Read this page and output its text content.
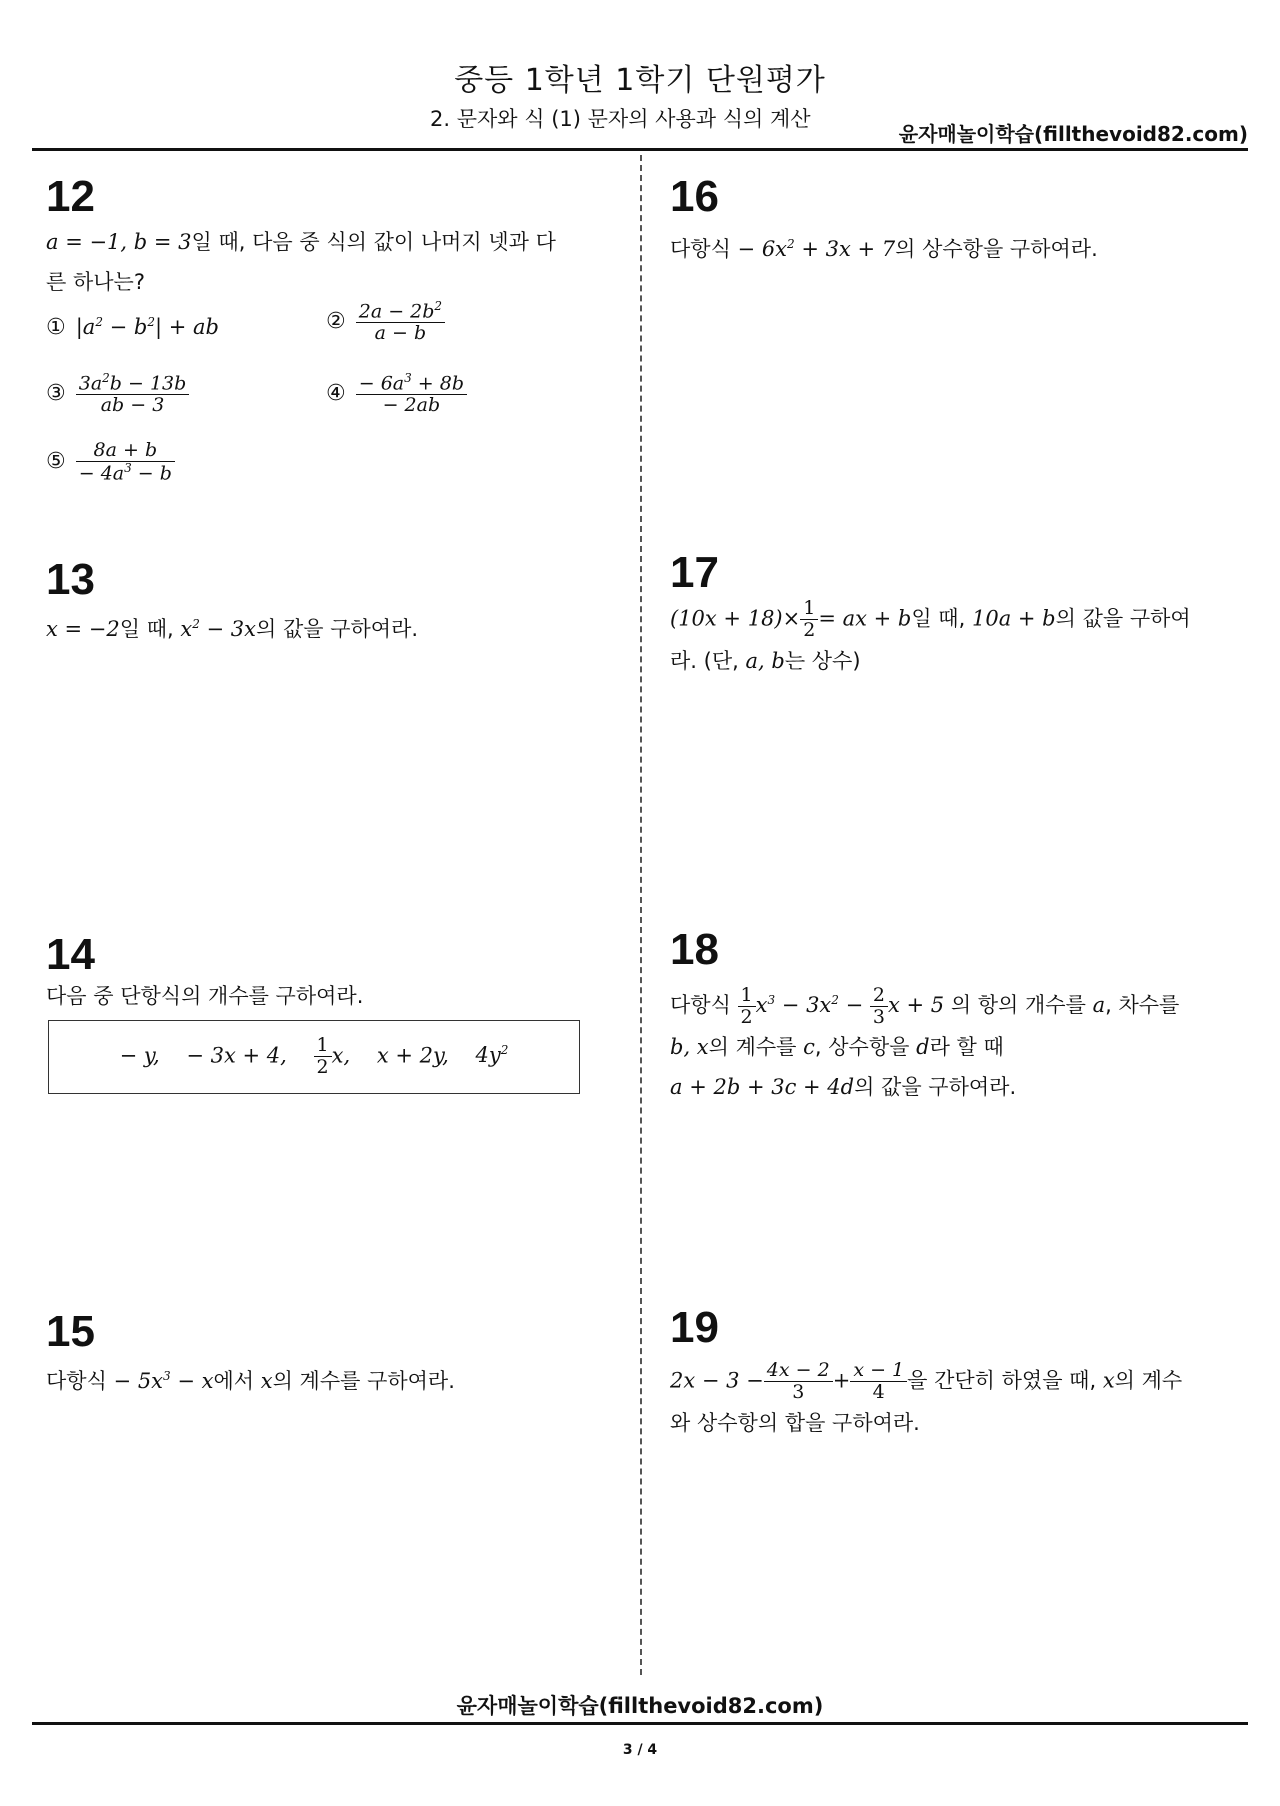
중등 1학년 1학기 단원평가
2. 문자와 식 (1) 문자의 사용과 식의 계산
윤자매놀이학습(fillthevoid82.com)
12
a = −1, b = 3일 때, 다음 중 식의 값이 나머지 넷과 다
른 하나는?
① $|a^2 - b^2|$ + ab	② $\frac{2a - 2b^2}{a - b}$
③ $\frac{3a^2b - 13b}{ab - 3}$	④ $\frac{- 6a^3 + 8b}{- 2ab}$
⑤ $\frac{8a + b}{- 4a^3 - b}$
13
x = −2일 때, $x^2 - 3x$의 값을 구하여라.
14
다음 중 단항식의 개수를 구하여라.
− y, − 3x + 4, $\frac{1}{2} x$, x + 2y, $4y^2$
15
다항식 − $5x^3 - x$에서 x의 계수를 구하여라.
16
다항식 − $6x^2 + 3x + 7$의 상수항을 구하여라.
17
$(10x + 18)\times \frac{1}{2}$ = ax + b일 때, 10a + b의 값을 구하여
라. (단, a, b는 상수)
18
다항식 $\frac{1}{2} x^3 - 3x^2 - \frac{2}{3}$ x + 5 의 항의 개수를 a, 차수를
b, x의 계수를 c, 상수항을 d라 할 때
a + 2b + 3c + 4d의 값을 구하여라.
19
$2x - 3 - \frac{4x - 2}{3} + \frac{x - 1}{4}$ 을 간단히 하였을 때, x의 계수
와 상수항의 합을 구하여라.
윤자매놀이학습(fillthevoid82.com)
3 / 4
